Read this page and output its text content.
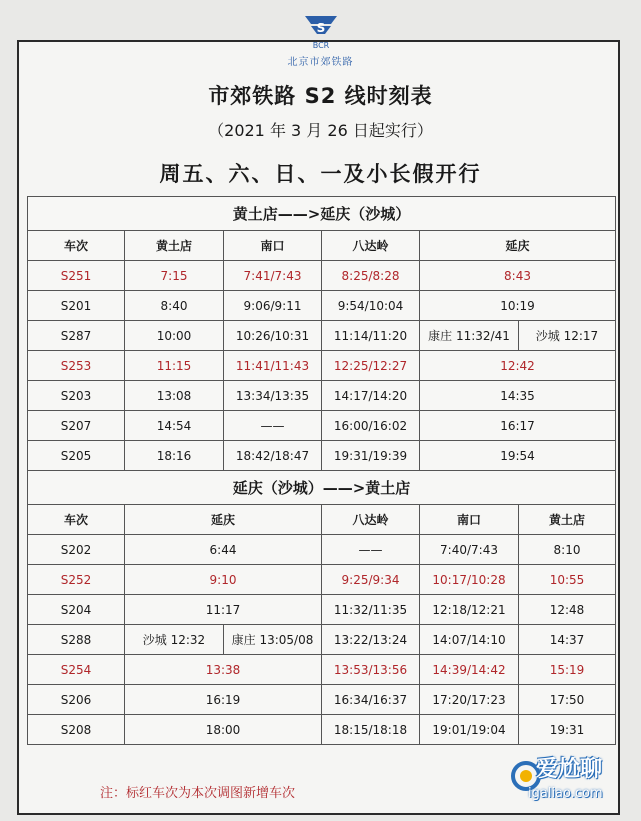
S
BCR
北京市郊铁路
市郊铁路 S2 线时刻表
（2021 年 3 月 26 日起实行）
周五、六、日、一及小长假开行
黄土店——>延庆（沙城）					
车次	黄土店	南口	八达岭	延庆	
S251	7:15	7:41/7:43	8:25/8:28	8:43	
S201	8:40	9:06/9:11	9:54/10:04	10:19	
S287	10:00	10:26/10:31	11:14/11:20	康庄 11:32/41	沙城 12:17
S253	11:15	11:41/11:43	12:25/12:27	12:42	
S203	13:08	13:34/13:35	14:17/14:20	14:35	
S207	14:54	——	16:00/16:02	16:17	
S205	18:16	18:42/18:47	19:31/19:39	19:54	
延庆（沙城）——>黄土店					
车次	延庆		八达岭	南口	黄土店
S202	6:44		——	7:40/7:43	8:10
S252	9:10		9:25/9:34	10:17/10:28	10:55
S204	11:17		11:32/11:35	12:18/12:21	12:48
S288	沙城 12:32	康庄 13:05/08	13:22/13:24	14:07/14:10	14:37
S254	13:38		13:53/13:56	14:39/14:42	15:19
S206	16:19		16:34/16:37	17:20/17:23	17:50
S208	18:00		18:15/18:18	19:01/19:04	19:31
注：标红车次为本次调图新增车次
爱尬聊
igaliao.com
